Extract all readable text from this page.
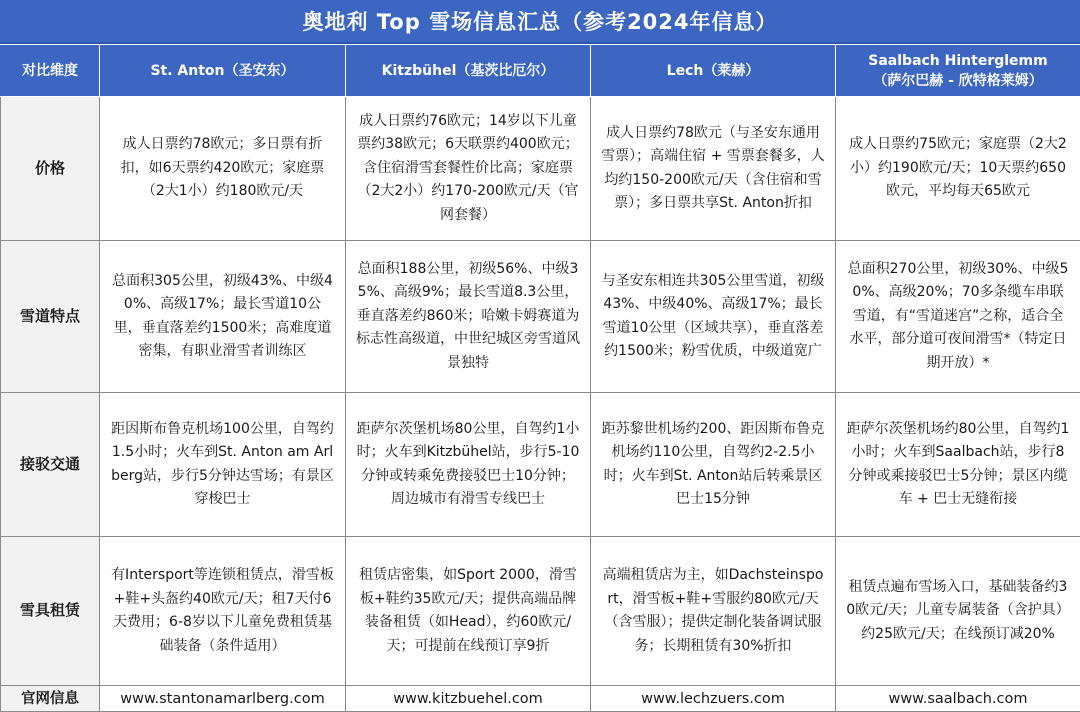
奥地利 Top 雪场信息汇总（参考2024年信息）
对比维度	St. Anton（圣安东）	Kitzbühel（基茨比厄尔）	Lech（莱赫）	Saalbach Hinterglemm
（萨尔巴赫 - 欣特格莱姆）

价格	成人日票约78欧元；多日票有折扣，如6天票约420欧元；家庭票（2大1小）约180欧元/天	成人日票约76欧元；14岁以下儿童票约38欧元；6天联票约400欧元；含住宿滑雪套餐性价比高；家庭票（2大2小）约170-200欧元/天（官网套餐）	成人日票约78欧元（与圣安东通用雪票）；高端住宿 + 雪票套餐多，人均约150-200欧元/天（含住宿和雪票）；多日票共享St. Anton折扣	成人日票约75欧元；家庭票（2大2小）约190欧元/天；10天票约650欧元，平均每天65欧元
雪道特点	总面积305公里，初级43%、中级40%、高级17%；最长雪道10公里，垂直落差约1500米；高难度道密集，有职业滑雪者训练区	总面积188公里，初级56%、中级35%、高级9%；最长雪道8.3公里，垂直落差约860米；哈嫩卡姆赛道为标志性高级道，中世纪城区旁雪道风景独特	与圣安东相连共305公里雪道，初级43%、中级40%、高级17%；最长雪道10公里（区域共享），垂直落差约1500米；粉雪优质，中级道宽广	总面积270公里，初级30%、中级50%、高级20%；70多条缆车串联雪道，有“雪道迷宫”之称，适合全水平，部分道可夜间滑雪*（特定日期开放）*
接驳交通	距因斯布鲁克机场100公里，自驾约1.5小时；火车到St. Anton am Arlberg站，步行5分钟达雪场；有景区穿梭巴士	距萨尔茨堡机场80公里，自驾约1小时；火车到Kitzbühel站，步行5-10分钟或转乘免费接驳巴士10分钟；周边城市有滑雪专线巴士	距苏黎世机场约200、距因斯布鲁克机场约110公里，自驾约2-2.5小时；火车到St. Anton站后转乘景区巴士15分钟	距萨尔茨堡机场约80公里，自驾约1小时；火车到Saalbach站，步行8分钟或乘接驳巴士5分钟；景区内缆车 + 巴士无缝衔接
雪具租赁	有Intersport等连锁租赁点，滑雪板+鞋+头盔约40欧元/天；租7天付6天费用；6-8岁以下儿童免费租赁基础装备（条件适用）	租赁店密集，如Sport 2000，滑雪板+鞋约35欧元/天；提供高端品牌装备租赁（如Head），约60欧元/天；可提前在线预订享9折	高端租赁店为主，如Dachsteinsport，滑雪板+鞋+雪服约80欧元/天（含雪服）；提供定制化装备调试服务；长期租赁有30%折扣	租赁点遍布雪场入口，基础装备约30欧元/天；儿童专属装备（含护具）约25欧元/天；在线预订减20%
官网信息	www.stantonamarlberg.com	www.kitzbuehel.com	www.lechzuers.com	www.saalbach.com
